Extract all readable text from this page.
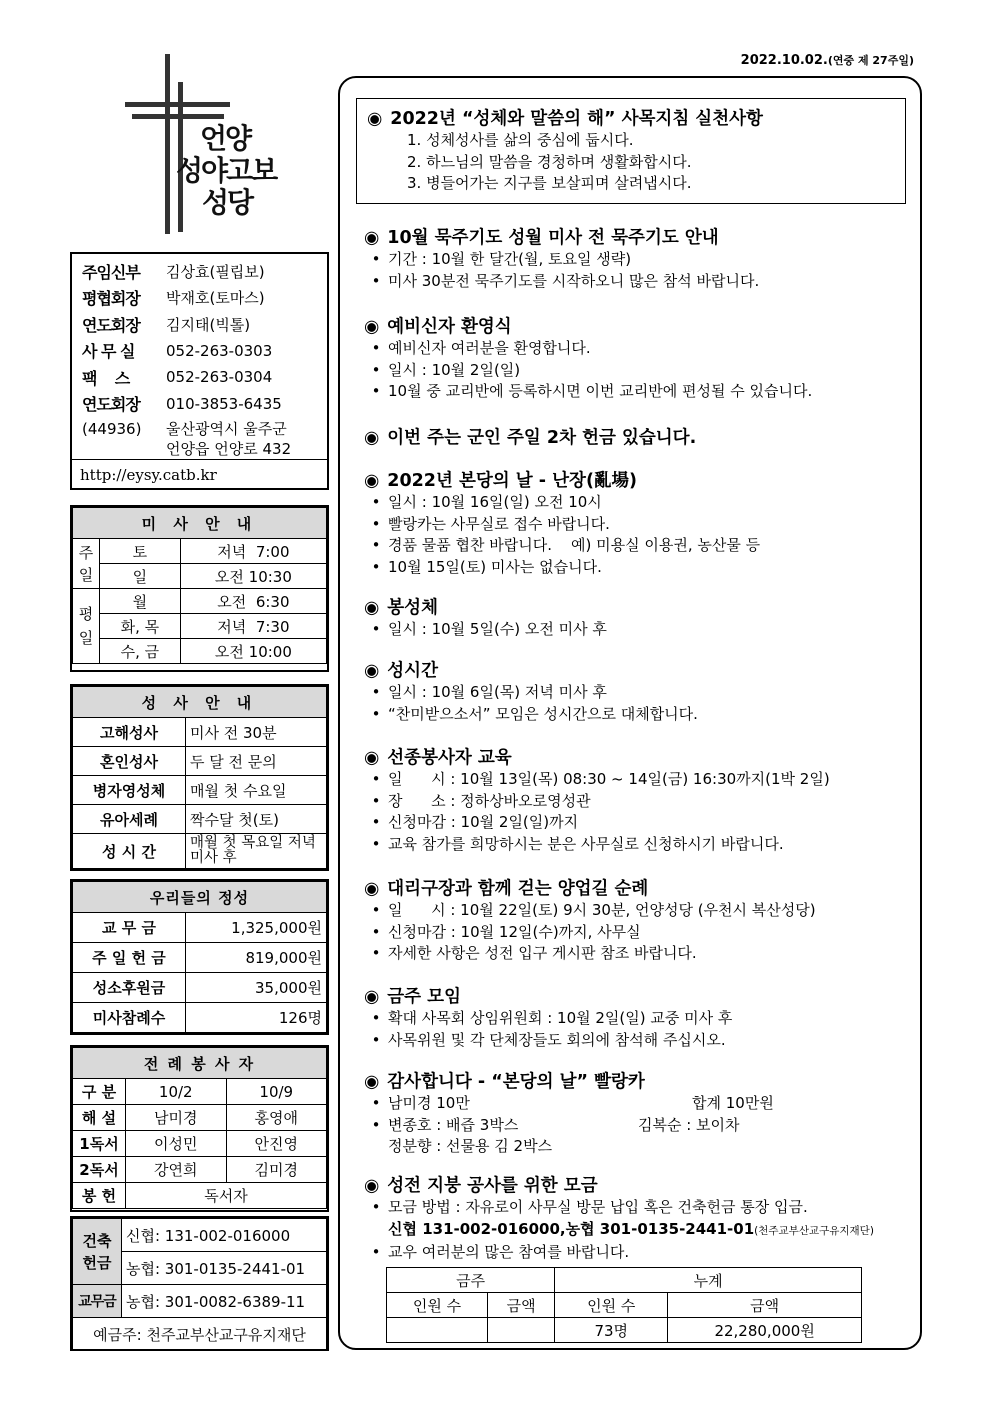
2022.10.02.(연중 제 27주일)
언양
성야고보
성당
주임신부	김상효(필립보)
평협회장	박재호(토마스)
연도회장	김지태(빅톨)
사 무 실	052-263-0303
팩    스	052-263-0304
연도회장	010-3853-6435
(44936)	울산광역시 울주군
언양읍 언양로 432
http://eysy.catb.kr
미 사 안 내		
주일	토	저녁  7:00
	일	오전 10:30
평일	월	오전  6:30
	화, 목	저녁  7:30
	수, 금	오전 10:00
성 사 안 내	
고해성사	미사 전 30분
혼인성사	두 달 전 문의
병자영성체	매월 첫 수요일
유아세례	짝수달 첫(토)
성 시 간	매월 첫 목요일 저녁미사 후
우리들의 정성	
교 무 금	1,325,000원
주 일 헌 금	819,000원
성소후원금	35,000원
미사참례수	126명
전 례 봉 사 자		
구 분	10/2	10/9
해 설	남미경	홍영애
1독서	이성민	안진영
2독서	강연희	김미경
봉 헌	독서자	
건축헌금	신협: 131-002-016000
	농협: 301-0135-2441-01
교무금	농협: 301-0082-6389-11
예금주: 천주교부산교구유지재단	
◉ 2022년 “성체와 말씀의 해” 사목지침 실천사항
1. 성체성사를 삶의 중심에 둡시다.
2. 하느님의 말씀을 경청하며 생활화합시다.
3. 병들어가는 지구를 보살피며 살려냅시다.
◉ 10월 묵주기도 성월 미사 전 묵주기도 안내
• 기간 : 10월 한 달간(월, 토요일 생략)
• 미사 30분전 묵주기도를 시작하오니 많은 참석 바랍니다.
◉ 예비신자 환영식
• 예비신자 여러분을 환영합니다.
• 일시 : 10월 2일(일)
• 10월 중 교리반에 등록하시면 이번 교리반에 편성될 수 있습니다.
◉ 이번 주는 군인 주일 2차 헌금 있습니다.
◉ 2022년 본당의 날 - 난장(亂場)
• 일시 : 10월 16일(일) 오전 10시
• 빨랑카는 사무실로 접수 바랍니다.
• 경품 물품 협찬 바랍니다.    예) 미용실 이용권, 농산물 등
• 10월 15일(토) 미사는 없습니다.
◉ 봉성체
• 일시 : 10월 5일(수) 오전 미사 후
◉ 성시간
• 일시 : 10월 6일(목) 저녁 미사 후
• “찬미받으소서” 모임은 성시간으로 대체합니다.
◉ 선종봉사자 교육
• 일      시 : 10월 13일(목) 08:30 ~ 14일(금) 16:30까지(1박 2일)
• 장      소 : 정하상바오로영성관
• 신청마감 : 10월 2일(일)까지
• 교육 참가를 희망하시는 분은 사무실로 신청하시기 바랍니다.
◉ 대리구장과 함께 걷는 양업길 순례
• 일      시 : 10월 22일(토) 9시 30분, 언양성당 (우천시 복산성당)
• 신청마감 : 10월 12일(수)까지, 사무실
• 자세한 사항은 성전 입구 게시판 참조 바랍니다.
◉ 금주 모임
• 확대 사목회 상임위원회 : 10월 2일(일) 교중 미사 후
• 사목위원 및 각 단체장들도 회의에 참석해 주십시오.
◉ 감사합니다 - “본당의 날” 빨랑카
• 남미경 10만	합계 10만원
• 변종호 : 배즙 3박스	김복순 : 보이차
정분향 : 선물용 김 2박스
◉ 성전 지붕 공사를 위한 모금
• 모금 방법 : 자유로이 사무실 방문 납입 혹은 건축헌금 통장 입금.
신협 131-002-016000,농협 301-0135-2441-01(천주교부산교구유지재단)
• 교우 여러분의 많은 참여를 바랍니다.
금주		누계	
인원 수	금액	인원 수	금액
		73명	22,280,000원
